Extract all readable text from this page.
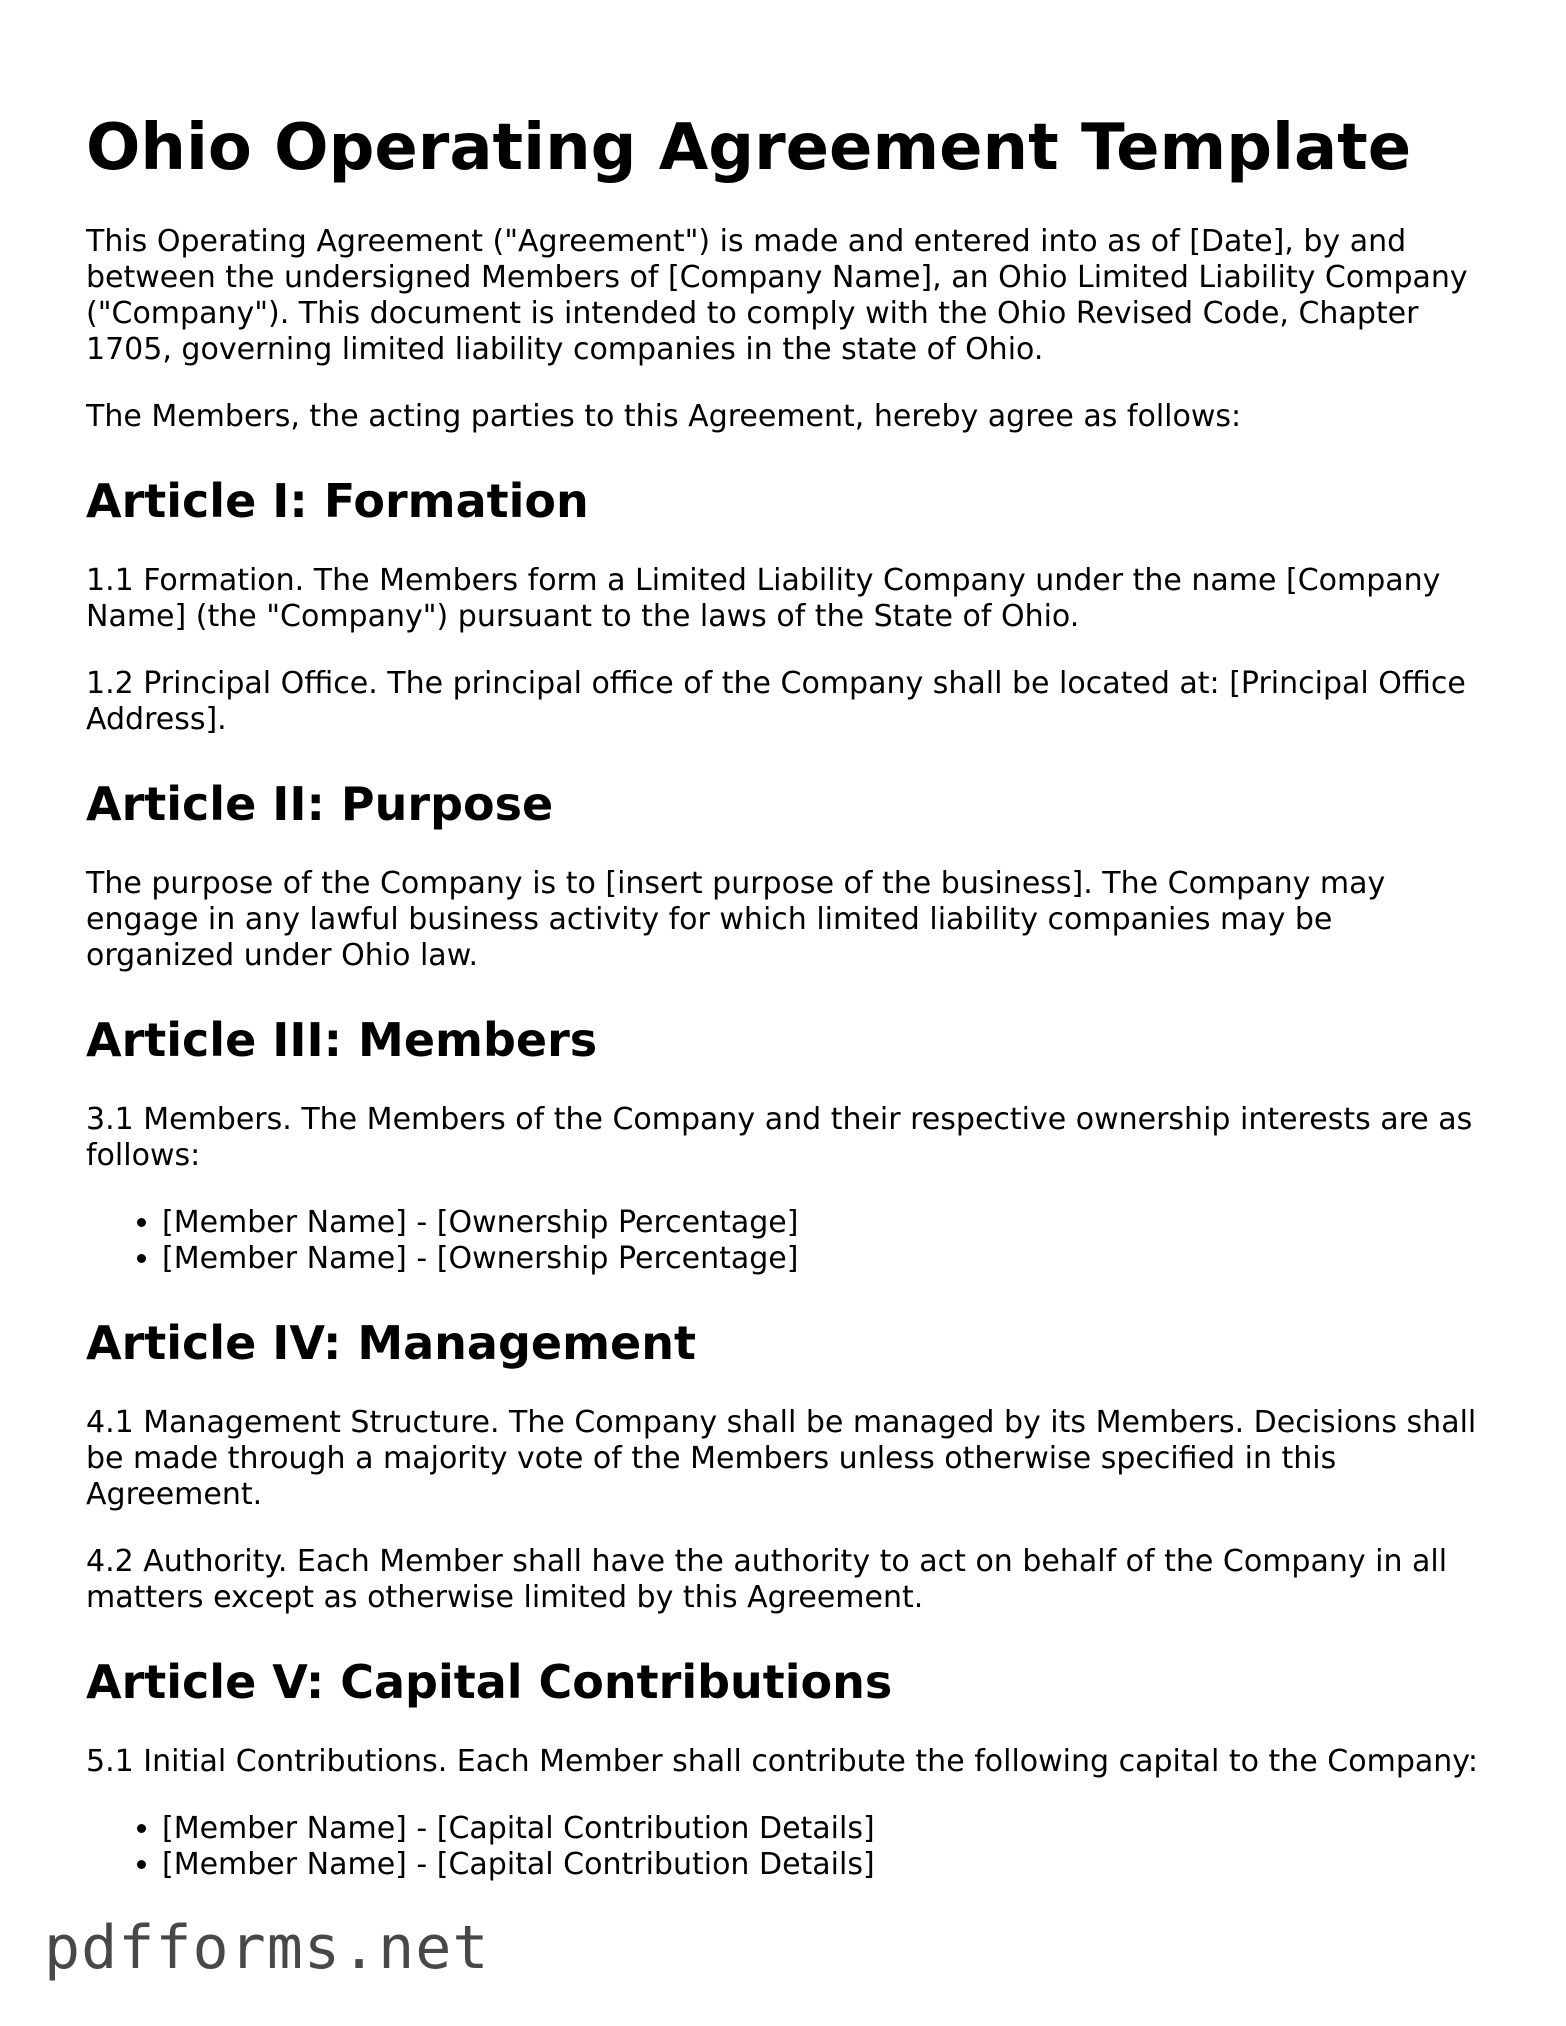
Ohio Operating Agreement Template

This Operating Agreement ("Agreement") is made and entered into as of [Date], by and between the undersigned Members of [Company Name], an Ohio Limited Liability Company ("Company"). This document is intended to comply with the Ohio Revised Code, Chapter 1705, governing limited liability companies in the state of Ohio.

The Members, the acting parties to this Agreement, hereby agree as follows:

Article I: Formation

1.1 Formation. The Members form a Limited Liability Company under the name [Company Name] (the "Company") pursuant to the laws of the State of Ohio.

1.2 Principal Office. The principal office of the Company shall be located at: [Principal Office Address].

Article II: Purpose

The purpose of the Company is to [insert purpose of the business]. The Company may engage in any lawful business activity for which limited liability companies may be organized under Ohio law.

Article III: Members

3.1 Members. The Members of the Company and their respective ownership interests are as follows:

• [Member Name] - [Ownership Percentage]
• [Member Name] - [Ownership Percentage]
Article IV: Management

4.1 Management Structure. The Company shall be managed by its Members. Decisions shall be made through a majority vote of the Members unless otherwise specified in this Agreement.

4.2 Authority. Each Member shall have the authority to act on behalf of the Company in all matters except as otherwise limited by this Agreement.

Article V: Capital Contributions

5.1 Initial Contributions. Each Member shall contribute the following capital to the Company:

• [Member Name] - [Capital Contribution Details]
• [Member Name] - [Capital Contribution Details]
pdfforms.net
